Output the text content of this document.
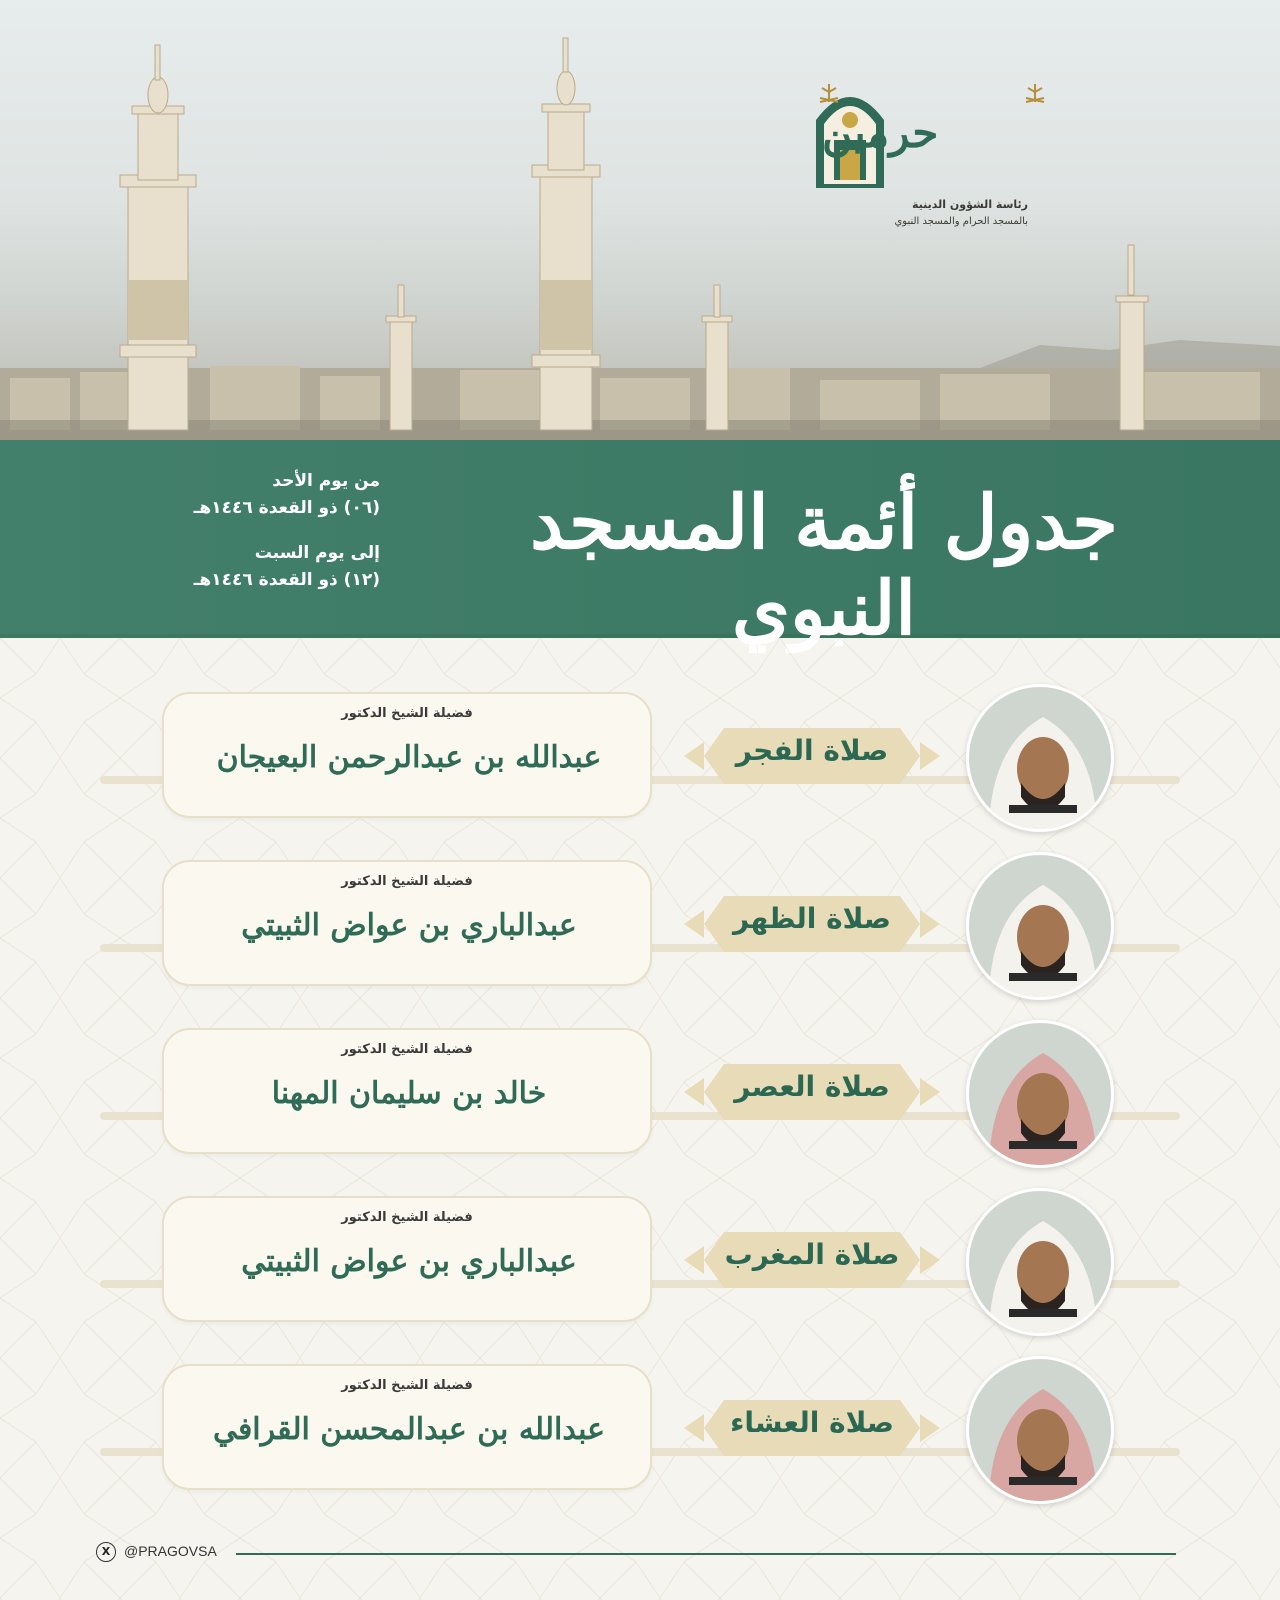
حرمين
رئاسة الشؤون الدينية
بالمسجد الحرام والمسجد النبوي
جدول أئمة المسجد النبوي
من يوم الأحد
(٠٦) ذو القعدة ١٤٤٦هـ
إلى يوم السبت
(١٢) ذو القعدة ١٤٤٦هـ
فضيلة الشيخ الدكتور
عبدالله بن عبدالرحمن البعيجان	صلاة الفجر
فضيلة الشيخ الدكتور
عبدالباري بن عواض الثبيتي	صلاة الظهر
فضيلة الشيخ الدكتور
خالد بن سليمان المهنا	صلاة العصر
فضيلة الشيخ الدكتور
عبدالباري بن عواض الثبيتي	صلاة المغرب
فضيلة الشيخ الدكتور
عبدالله بن عبدالمحسن القرافي	صلاة العشاء
X @PRAGOVSA
